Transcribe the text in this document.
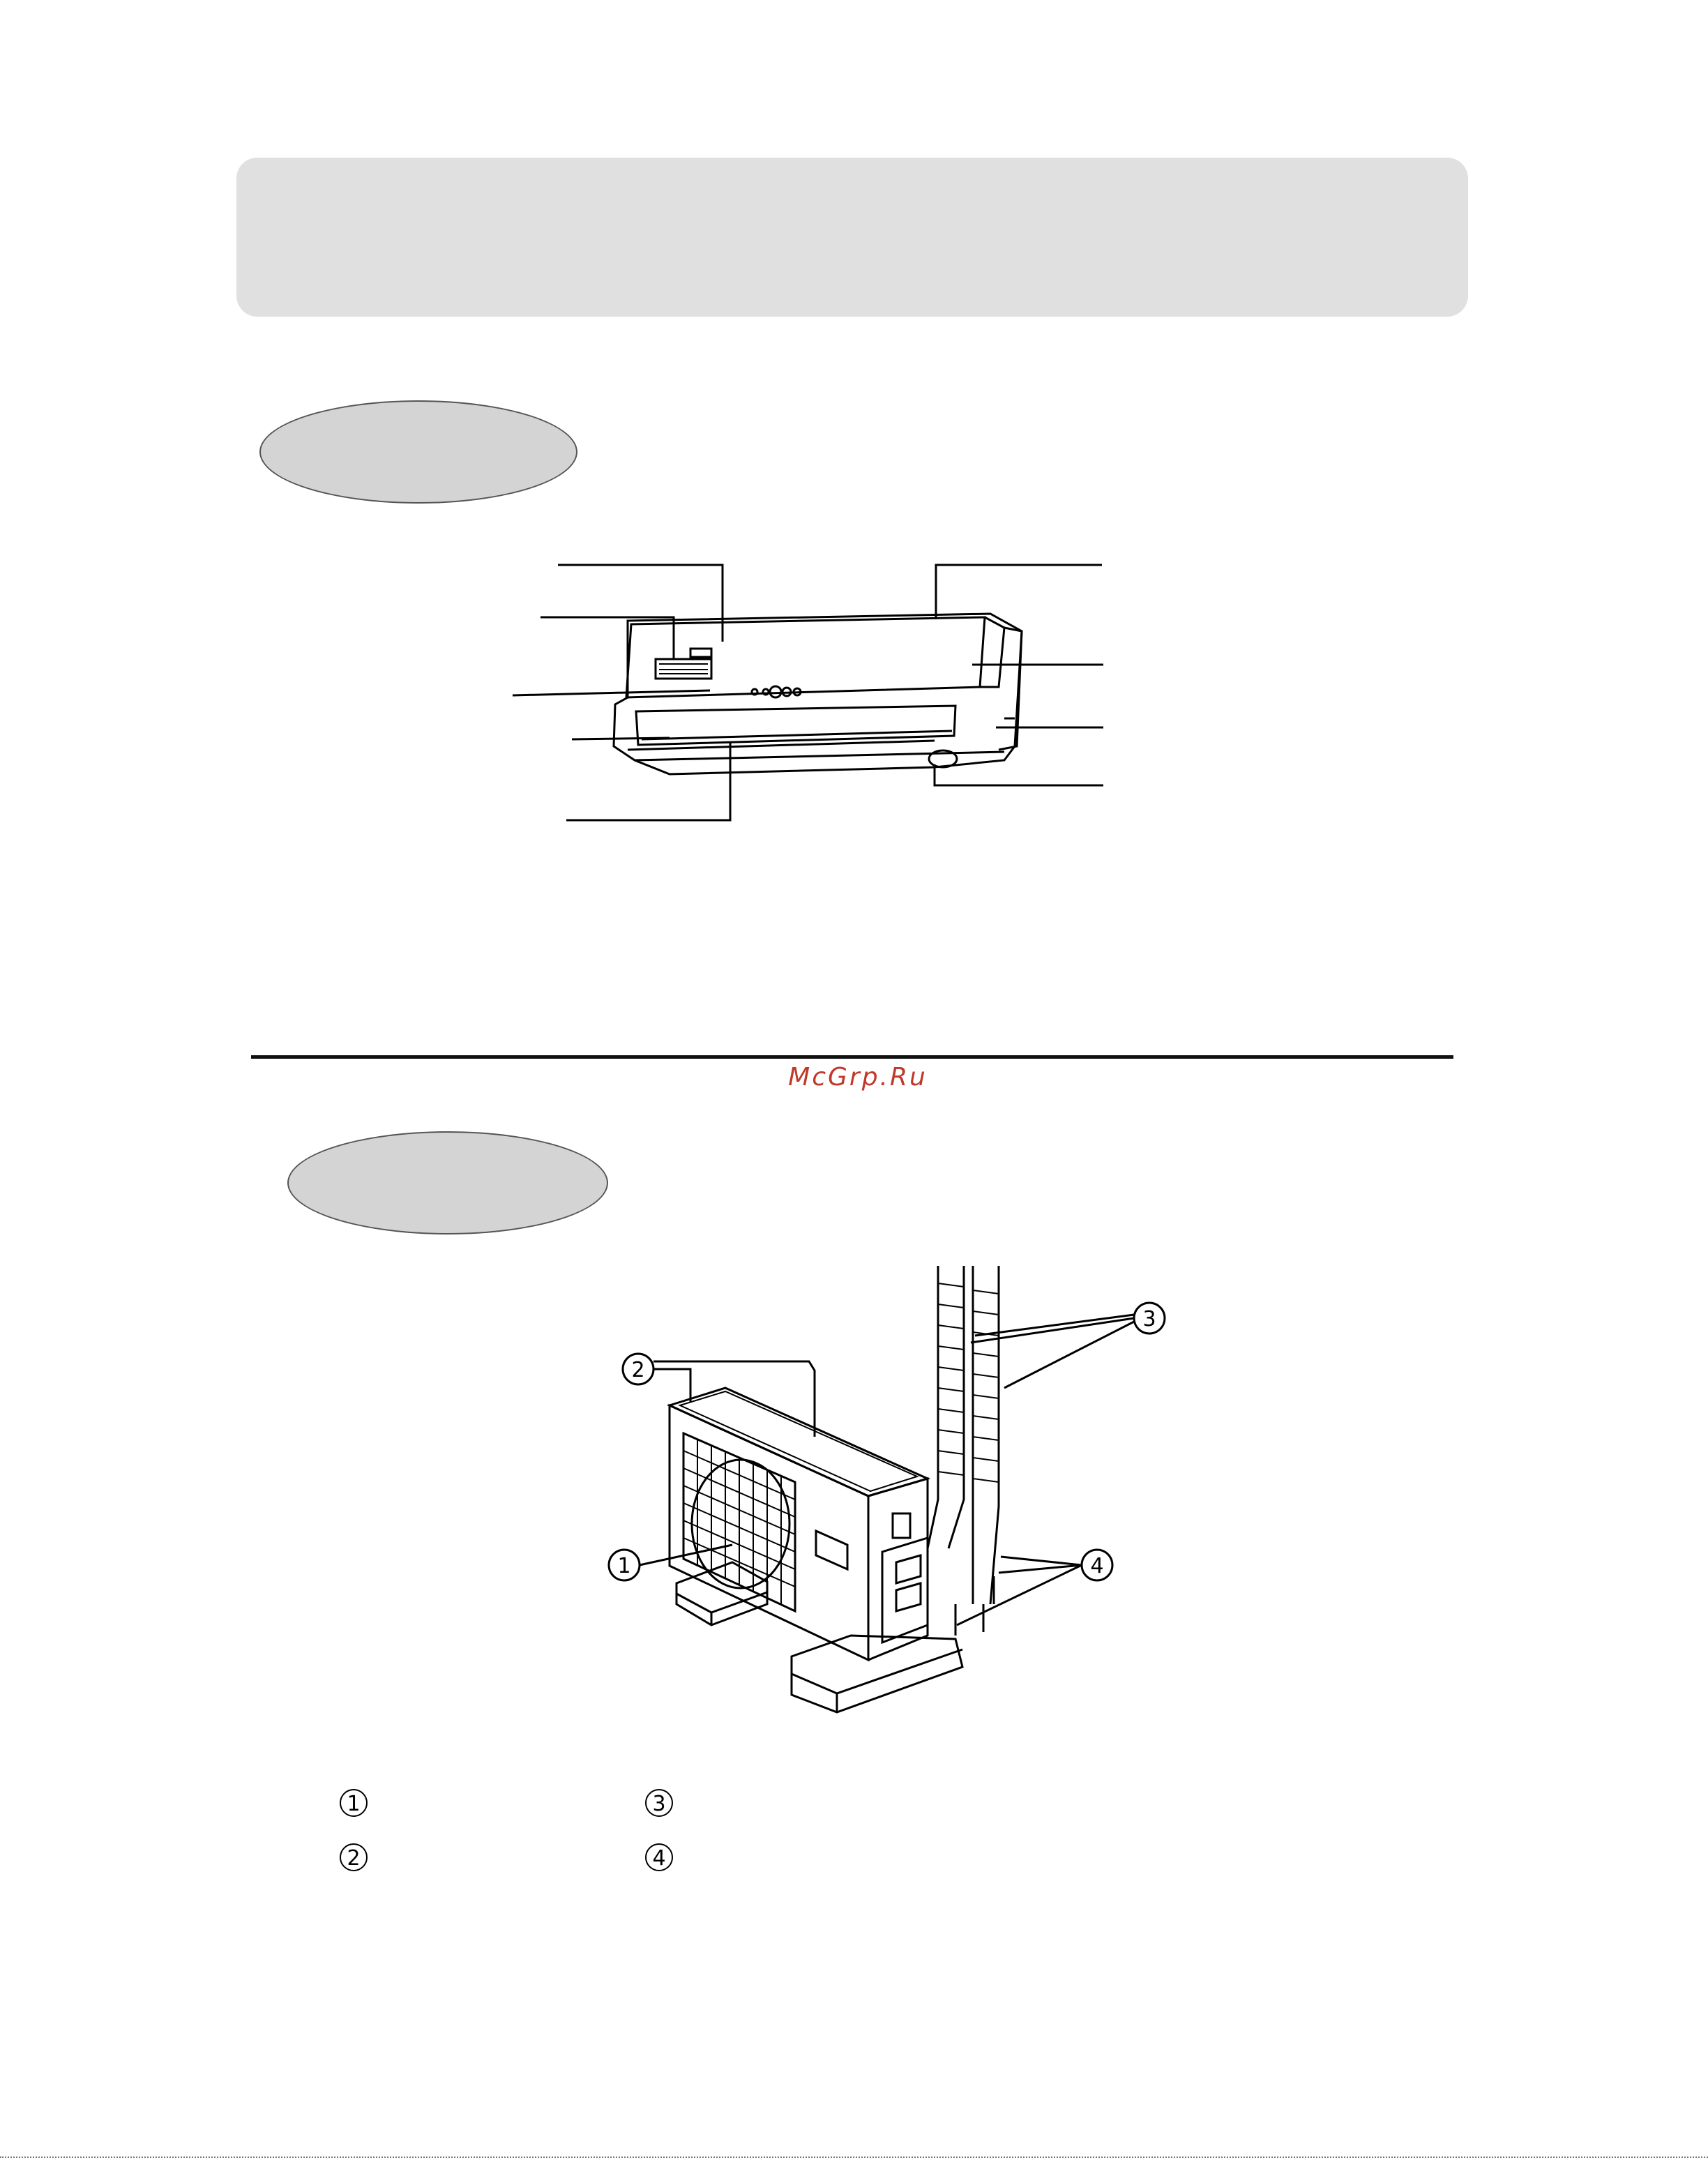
McGrp.Ru
1
2
3
4
1	3
2	4
